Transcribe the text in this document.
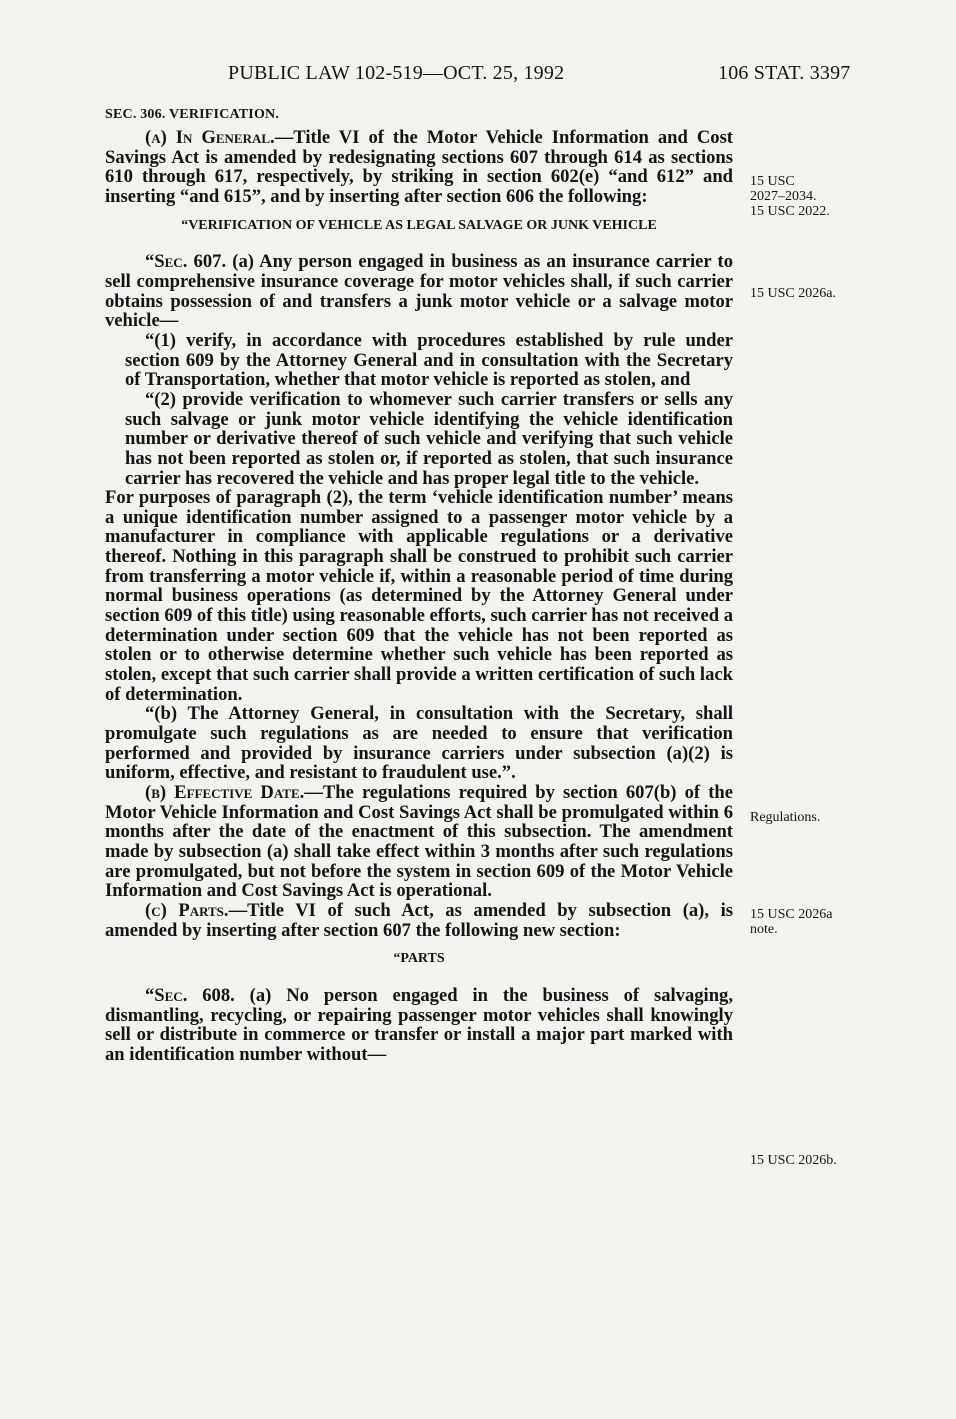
PUBLIC LAW 102-519—OCT. 25, 1992	106 STAT. 3397

SEC. 306. VERIFICATION.

(a) In General.—Title VI of the Motor Vehicle Information and Cost Savings Act is amended by redesignating sections 607 through 614 as sections 610 through 617, respectively, by striking in section 602(e) “and 612” and inserting “and 615”, and by inserting after section 606 the following:

“VERIFICATION OF VEHICLE AS LEGAL SALVAGE OR JUNK VEHICLE

“Sec. 607. (a) Any person engaged in business as an insurance carrier to sell comprehensive insurance coverage for motor vehicles shall, if such carrier obtains possession of and transfers a junk motor vehicle or a salvage motor vehicle—

“(1) verify, in accordance with procedures established by rule under section 609 by the Attorney General and in consultation with the Secretary of Transportation, whether that motor vehicle is reported as stolen, and

“(2) provide verification to whomever such carrier transfers or sells any such salvage or junk motor vehicle identifying the vehicle identification number or derivative thereof of such vehicle and verifying that such vehicle has not been reported as stolen or, if reported as stolen, that such insurance carrier has recovered the vehicle and has proper legal title to the vehicle.

For purposes of paragraph (2), the term ‘vehicle identification number’ means a unique identification number assigned to a passenger motor vehicle by a manufacturer in compliance with applicable regulations or a derivative thereof. Nothing in this paragraph shall be construed to prohibit such carrier from transferring a motor vehicle if, within a reasonable period of time during normal business operations (as determined by the Attorney General under section 609 of this title) using reasonable efforts, such carrier has not received a determination under section 609 that the vehicle has not been reported as stolen or to otherwise determine whether such vehicle has been reported as stolen, except that such carrier shall provide a written certification of such lack of determination.

“(b) The Attorney General, in consultation with the Secretary, shall promulgate such regulations as are needed to ensure that verification performed and provided by insurance carriers under subsection (a)(2) is uniform, effective, and resistant to fraudulent use.”.

(b) Effective Date.—The regulations required by section 607(b) of the Motor Vehicle Information and Cost Savings Act shall be promulgated within 6 months after the date of the enactment of this subsection. The amendment made by subsection (a) shall take effect within 3 months after such regulations are promulgated, but not before the system in section 609 of the Motor Vehicle Information and Cost Savings Act is operational.

(c) Parts.—Title VI of such Act, as amended by subsection (a), is amended by inserting after section 607 the following new section:

“PARTS

“Sec. 608. (a) No person engaged in the business of salvaging, dismantling, recycling, or repairing passenger motor vehicles shall knowingly sell or distribute in commerce or transfer or install a major part marked with an identification number without—

15 USC
2027–2034.
15 USC 2022.
15 USC 2026a.
Regulations.
15 USC 2026a
note.
15 USC 2026b.
